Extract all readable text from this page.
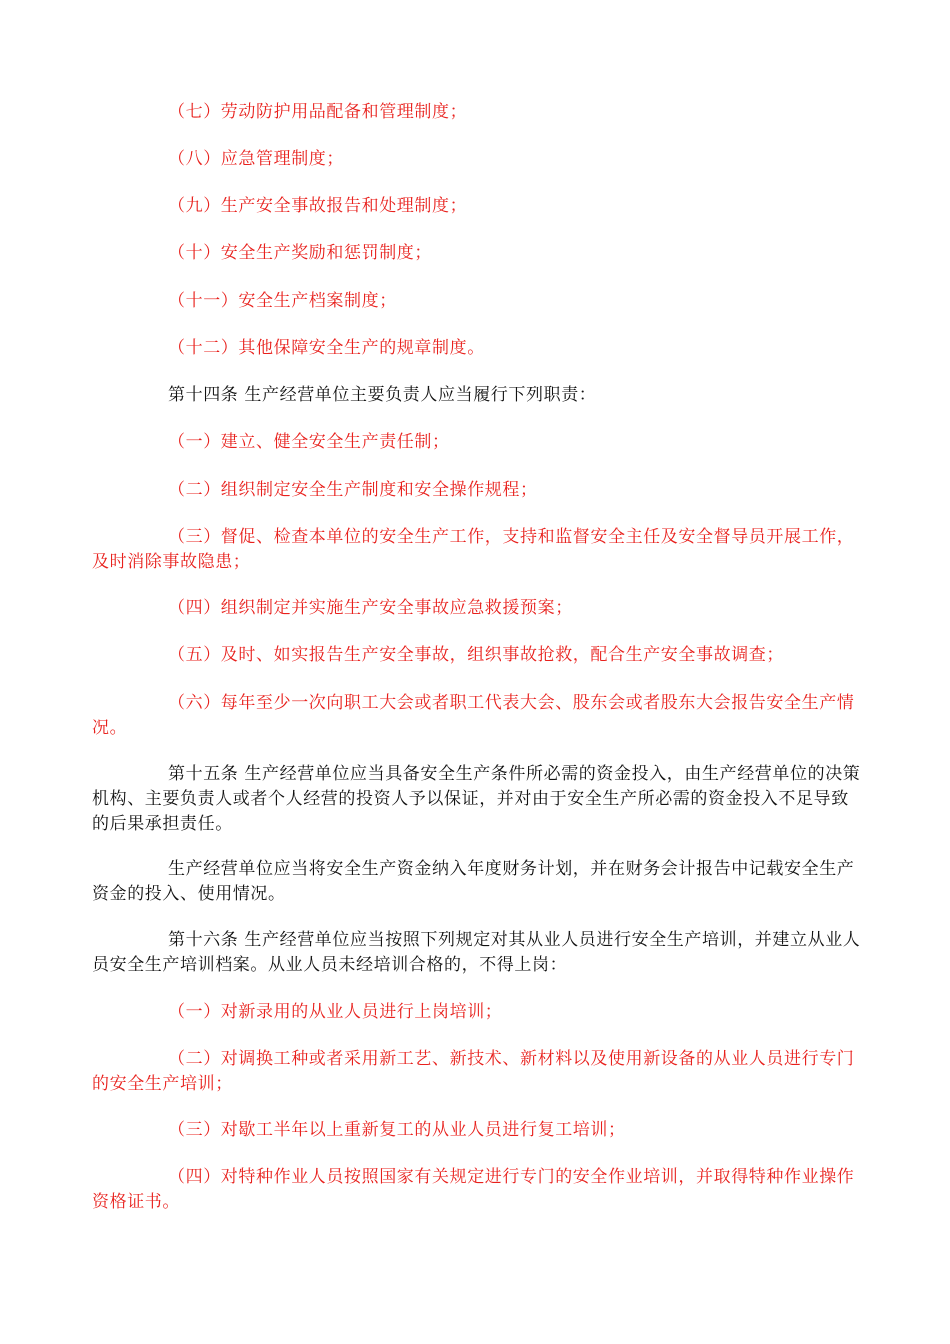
（七）劳动防护用品配备和管理制度；

（八）应急管理制度；

（九）生产安全事故报告和处理制度；

（十）安全生产奖励和惩罚制度；

（十一）安全生产档案制度；

（十二）其他保障安全生产的规章制度。

第十四条 生产经营单位主要负责人应当履行下列职责：

（一）建立、健全安全生产责任制；

（二）组织制定安全生产制度和安全操作规程；

（三）督促、检查本单位的安全生产工作，支持和监督安全主任及安全督导员开展工作，及时消除事故隐患；

（四）组织制定并实施生产安全事故应急救援预案；

（五）及时、如实报告生产安全事故，组织事故抢救，配合生产安全事故调查；

（六）每年至少一次向职工大会或者职工代表大会、股东会或者股东大会报告安全生产情况。

第十五条 生产经营单位应当具备安全生产条件所必需的资金投入，由生产经营单位的决策机构、主要负责人或者个人经营的投资人予以保证，并对由于安全生产所必需的资金投入不足导致的后果承担责任。

生产经营单位应当将安全生产资金纳入年度财务计划，并在财务会计报告中记载安全生产资金的投入、使用情况。

第十六条 生产经营单位应当按照下列规定对其从业人员进行安全生产培训，并建立从业人员安全生产培训档案。从业人员未经培训合格的，不得上岗：

（一）对新录用的从业人员进行上岗培训；

（二）对调换工种或者采用新工艺、新技术、新材料以及使用新设备的从业人员进行专门的安全生产培训；

（三）对歇工半年以上重新复工的从业人员进行复工培训；

（四）对特种作业人员按照国家有关规定进行专门的安全作业培训，并取得特种作业操作资格证书。
